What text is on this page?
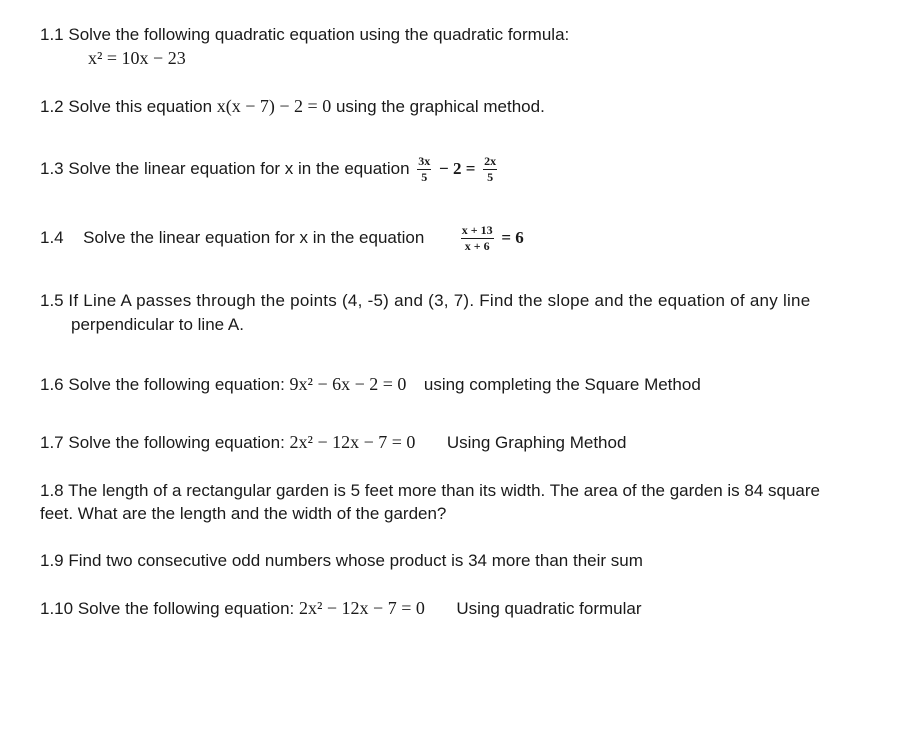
1.1 Solve the following quadratic equation using the quadratic formula:
x² = 10x − 23
1.2 Solve this equation x(x − 7) − 2 = 0 using the graphical method.
1.3 Solve the linear equation for x in the equation $\frac{3x}{5} - 2 = \frac{2x}{5}$
1.4 Solve the linear equation for x in the equation	$\frac{x + 13}{x + 6} = 6$
1.5 If Line A passes through the points (4, -5) and (3, 7). Find the slope and the equation of any line
perpendicular to line A.
1.6 Solve the following equation: 9x² − 6x − 2 = 0 using completing the Square Method
1.7 Solve the following equation: 2x² − 12x − 7 = 0 Using Graphing Method
1.8 The length of a rectangular garden is 5 feet more than its width. The area of the garden is 84 square
feet. What are the length and the width of the garden?
1.9 Find two consecutive odd numbers whose product is 34 more than their sum
1.10 Solve the following equation: 2x² − 12x − 7 = 0 Using quadratic formular
